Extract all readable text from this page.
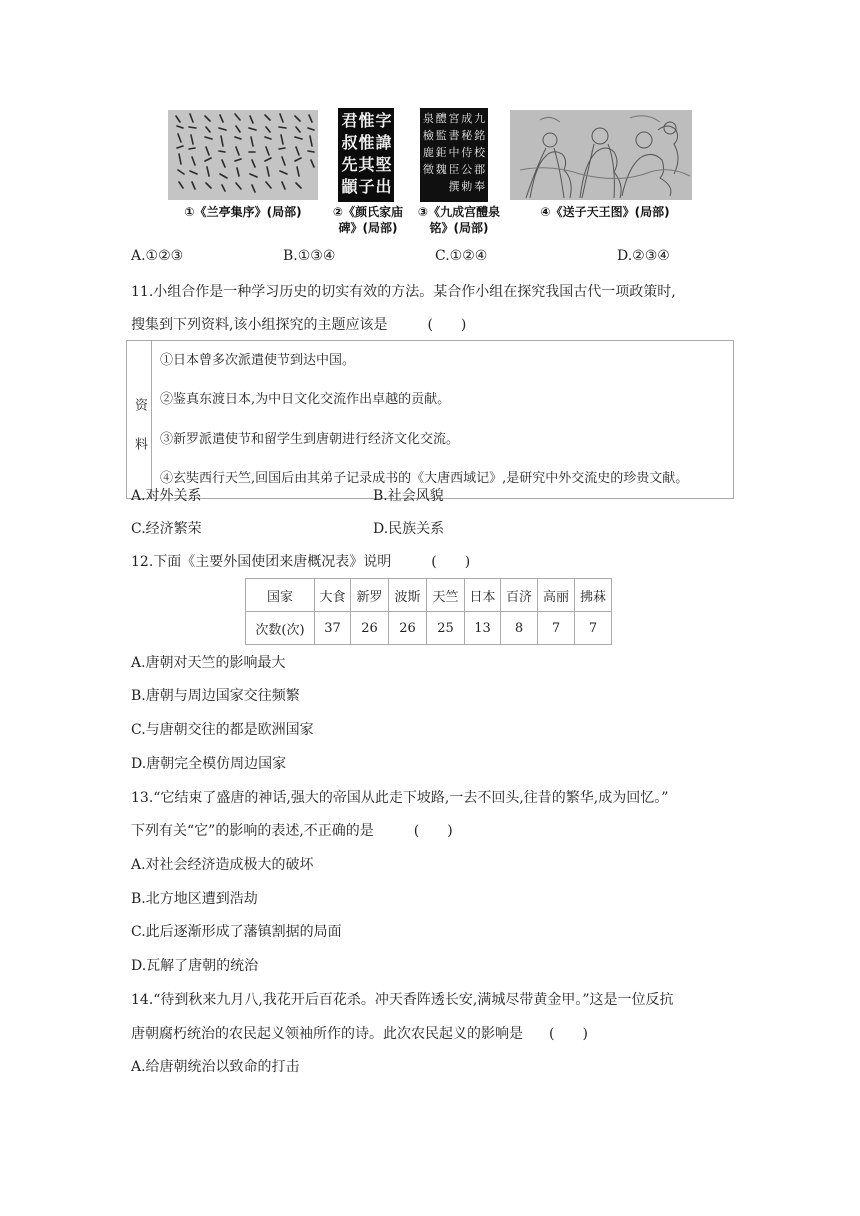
①《兰亭集序》(局部)
字
惟
君
諱
惟
叔
堅
其
先
出
子
顓
②《颜氏家庙
碑》(局部)
九
成
宮
醴
泉
銘
秘
書
監
檢
校
侍
中
鉅
鹿
郡
公
臣
魏
徵
奉
勅
撰
③《九成宫醴泉
铭》(局部)
④《送子天王图》(局部)
A.①②③	B.①③④	C.①②④	D.②③④
11.小组合作是一种学习历史的切实有效的方法。某合作小组在探究我国古代一项政策时,
搜集到下列资料,该小组探究的主题应该是	(　　)
资料
	①日本曾多次派遣使节到达中国。
②鉴真东渡日本,为中日文化交流作出卓越的贡献。
③新罗派遣使节和留学生到唐朝进行经济文化交流。
④玄奘西行天竺,回国后由其弟子记录成书的《大唐西域记》,是研究中外交流史的珍贵文献。
A.对外关系	B.社会风貌
C.经济繁荣	D.民族关系
12.下面《主要外国使团来唐概况表》说明	(　　)
国家	大食	新罗	波斯	天竺	日本	百济	高丽	拂菻
次数(次)	37	26	26	25	13	8	7	7
A.唐朝对天竺的影响最大
B.唐朝与周边国家交往频繁
C.与唐朝交往的都是欧洲国家
D.唐朝完全模仿周边国家
13.“它结束了盛唐的神话,强大的帝国从此走下坡路,一去不回头,往昔的繁华,成为回忆。”
下列有关“它”的影响的表述,不正确的是	(　　)
A.对社会经济造成极大的破坏
B.北方地区遭到浩劫
C.此后逐渐形成了藩镇割据的局面
D.瓦解了唐朝的统治
14.“待到秋来九月八,我花开后百花杀。冲天香阵透长安,满城尽带黄金甲。”这是一位反抗
唐朝腐朽统治的农民起义领袖所作的诗。此次农民起义的影响是 (　　)
A.给唐朝统治以致命的打击
